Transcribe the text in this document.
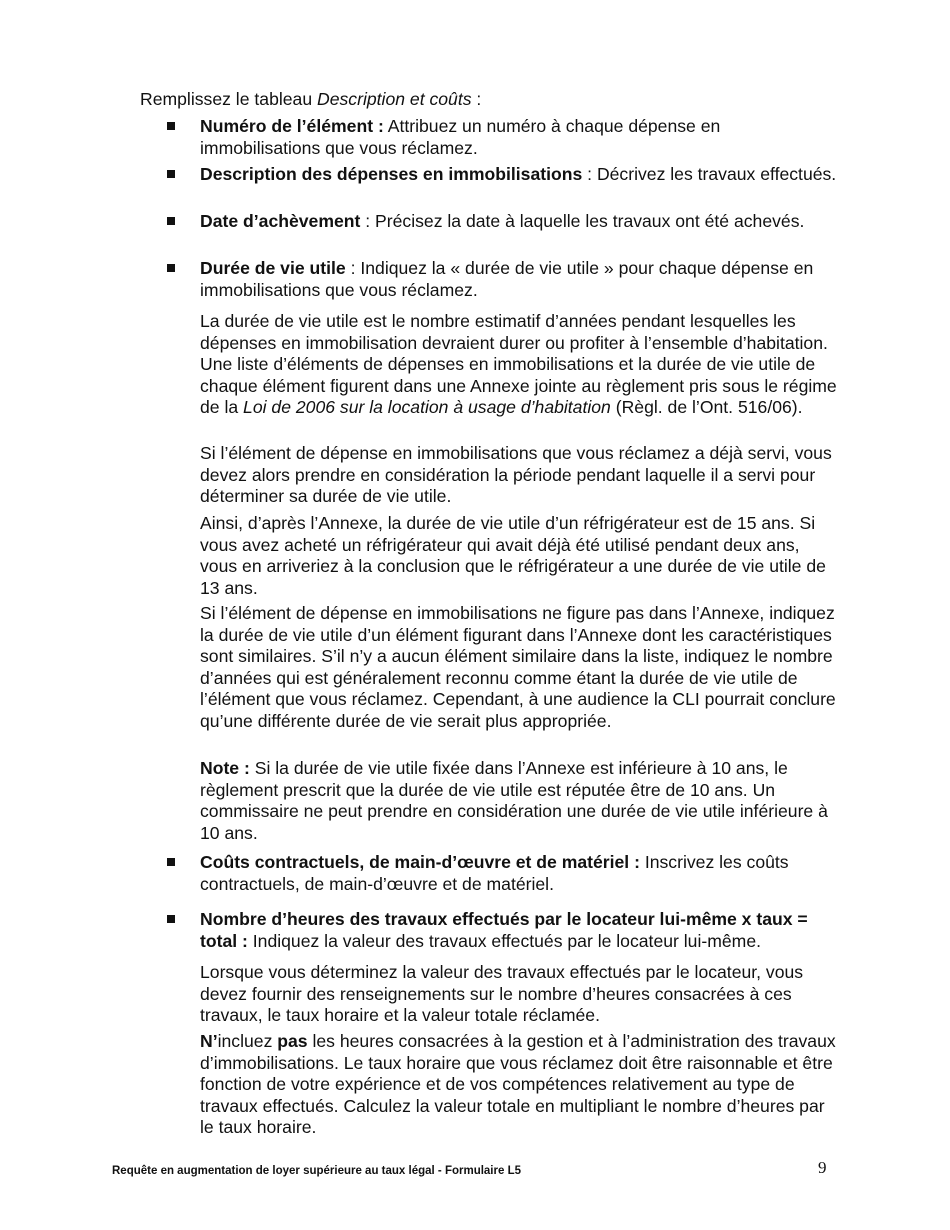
Remplissez le tableau Description et coûts :
Numéro de l’élément : Attribuez un numéro à chaque dépense en immobilisations que vous réclamez.
Description des dépenses en immobilisations : Décrivez les travaux effectués.
Date d’achèvement : Précisez la date à laquelle les travaux ont été achevés.
Durée de vie utile : Indiquez la « durée de vie utile » pour chaque dépense en immobilisations que vous réclamez.
La durée de vie utile est le nombre estimatif d’années pendant lesquelles les dépenses en immobilisation devraient durer ou profiter à l’ensemble d’habitation. Une liste d’éléments de dépenses en immobilisations et la durée de vie utile de chaque élément figurent dans une Annexe jointe au règlement pris sous le régime de la Loi de 2006 sur la location à usage d’habitation (Règl. de l’Ont. 516/06).
Si l’élément de dépense en immobilisations que vous réclamez a déjà servi, vous devez alors prendre en considération la période pendant laquelle il a servi pour déterminer sa durée de vie utile.
Ainsi, d’après l’Annexe, la durée de vie utile d’un réfrigérateur est de 15 ans. Si vous avez acheté un réfrigérateur qui avait déjà été utilisé pendant deux ans, vous en arriveriez à la conclusion que le réfrigérateur a une durée de vie utile de 13 ans.
Si l’élément de dépense en immobilisations ne figure pas dans l’Annexe, indiquez la durée de vie utile d’un élément figurant dans l’Annexe dont les caractéristiques sont similaires. S’il n’y a aucun élément similaire dans la liste, indiquez le nombre d’années qui est généralement reconnu comme étant la durée de vie utile de l’élément que vous réclamez. Cependant, à une audience la CLI pourrait conclure qu’une différente durée de vie serait plus appropriée.
Note : Si la durée de vie utile fixée dans l’Annexe est inférieure à 10 ans, le règlement prescrit que la durée de vie utile est réputée être de 10 ans. Un commissaire ne peut prendre en considération une durée de vie utile inférieure à 10 ans.
Coûts contractuels, de main-d’œuvre et de matériel : Inscrivez les coûts contractuels, de main-d’œuvre et de matériel.
Nombre d’heures des travaux effectués par le locateur lui-même x taux = total : Indiquez la valeur des travaux effectués par le locateur lui-même.
Lorsque vous déterminez la valeur des travaux effectués par le locateur, vous devez fournir des renseignements sur le nombre d’heures consacrées à ces travaux, le taux horaire et la valeur totale réclamée.
N’incluez pas les heures consacrées à la gestion et à l’administration des travaux d’immobilisations. Le taux horaire que vous réclamez doit être raisonnable et être fonction de votre expérience et de vos compétences relativement au type de travaux effectués. Calculez la valeur totale en multipliant le nombre d’heures par le taux horaire.
Requête en augmentation de loyer supérieure au taux légal - Formulaire L5	9
